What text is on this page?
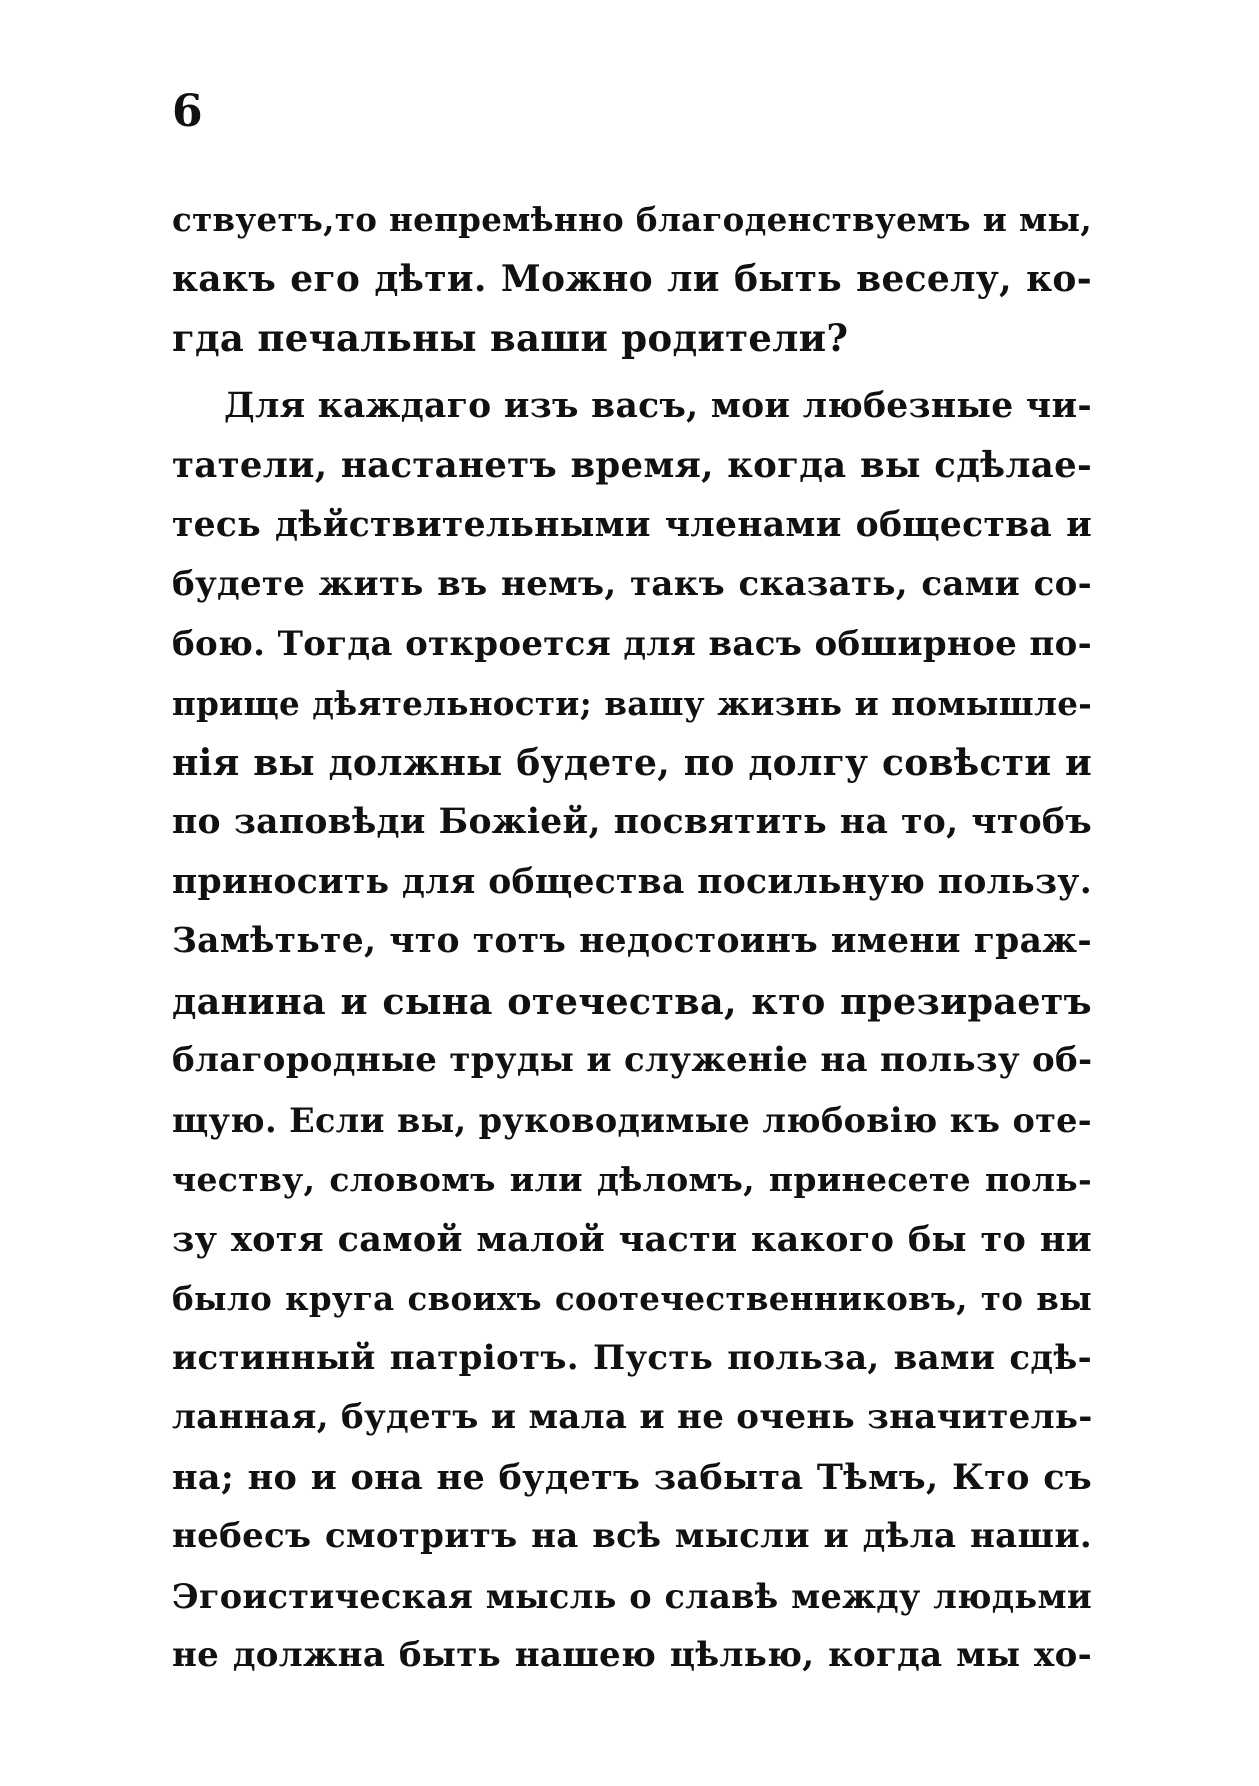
6
ствуетъ,то непремѣнно благоденствуемъ и мы,
какъ его дѣти. Можно ли быть веселу, ко-
гда печальны ваши родители?
Для каждаго изъ васъ, мои любезные чи-
татели, настанетъ время, когда вы сдѣлае-
тесь дѣйствительными членами общества и
будете жить въ немъ, такъ сказать, сами со-
бою. Тогда откроется для васъ обширное по-
прище дѣятельности; вашу жизнь и помышле-
нія вы должны будете, по долгу совѣсти и
по заповѣди Божіей, посвятить на то, чтобъ
приносить для общества посильную пользу.
Замѣтьте, что тотъ недостоинъ имени граж-
данина и сына отечества, кто презираетъ
благородные труды и служеніе на пользу об-
щую. Если вы, руководимые любовію къ оте-
честву, словомъ или дѣломъ, принесете поль-
зу хотя самой малой части какого бы то ни
было круга своихъ соотечественниковъ, то вы
истинный патріотъ. Пусть польза, вами сдѣ-
ланная, будетъ и мала и не очень значитель-
на; но и она не будетъ забыта Тѣмъ, Кто съ
небесъ смотритъ на всѣ мысли и дѣла наши.
Эгоистическая мысль о славѣ между людьми
не должна быть нашею цѣлью, когда мы хо-
